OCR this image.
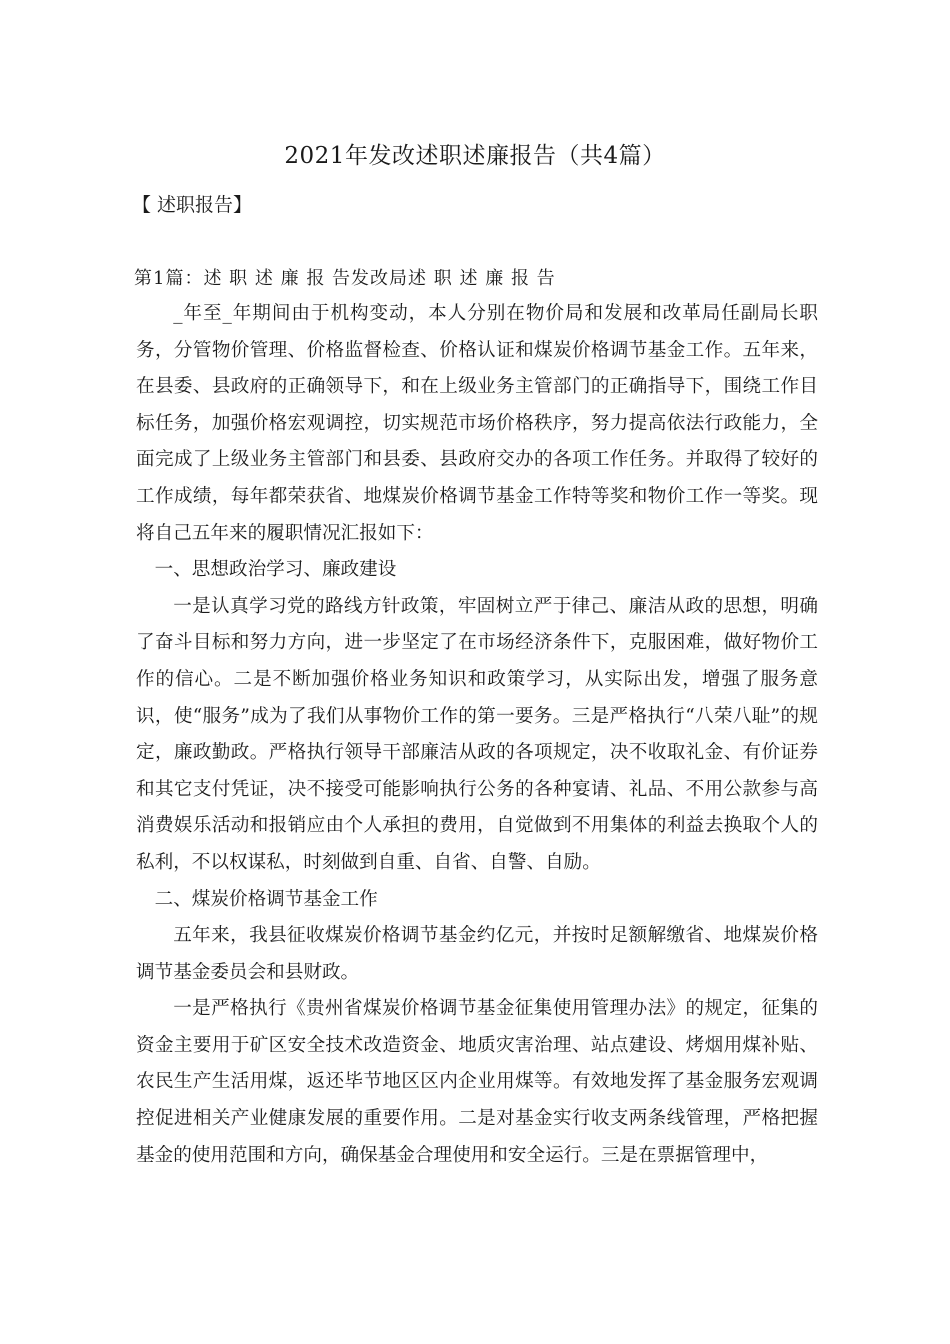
2021年发改述职述廉报告（共4篇）
【 述职报告】
第1篇：述 职 述 廉 报 告发改局述 职 述 廉 报 告

_年至_年期间由于机构变动，本人分别在物价局和发展和改革局任副局长职务，分管物价管理、价格监督检查、价格认证和煤炭价格调节基金工作。五年来，在县委、县政府的正确领导下，和在上级业务主管部门的正确指导下，围绕工作目标任务，加强价格宏观调控，切实规范市场价格秩序，努力提高依法行政能力，全面完成了上级业务主管部门和县委、县政府交办的各项工作任务。并取得了较好的工作成绩，每年都荣获省、地煤炭价格调节基金工作特等奖和物价工作一等奖。现将自己五年来的履职情况汇报如下：

一、思想政治学习、廉政建设

一是认真学习党的路线方针政策，牢固树立严于律己、廉洁从政的思想，明确了奋斗目标和努力方向，进一步坚定了在市场经济条件下，克服困难，做好物价工作的信心。二是不断加强价格业务知识和政策学习，从实际出发，增强了服务意识，使“服务”成为了我们从事物价工作的第一要务。三是严格执行“八荣八耻”的规定，廉政勤政。严格执行领导干部廉洁从政的各项规定，决不收取礼金、有价证券和其它支付凭证，决不接受可能影响执行公务的各种宴请、礼品、不用公款参与高消费娱乐活动和报销应由个人承担的费用，自觉做到不用集体的利益去换取个人的私利，不以权谋私，时刻做到自重、自省、自警、自励。

二、煤炭价格调节基金工作

五年来，我县征收煤炭价格调节基金约亿元，并按时足额解缴省、地煤炭价格调节基金委员会和县财政。

一是严格执行《贵州省煤炭价格调节基金征集使用管理办法》的规定，征集的资金主要用于矿区安全技术改造资金、地质灾害治理、站点建设、烤烟用煤补贴、农民生产生活用煤，返还毕节地区区内企业用煤等。有效地发挥了基金服务宏观调控促进相关产业健康发展的重要作用。二是对基金实行收支两条线管理，严格把握基金的使用范围和方向，确保基金合理使用和安全运行。三是在票据管理中，
